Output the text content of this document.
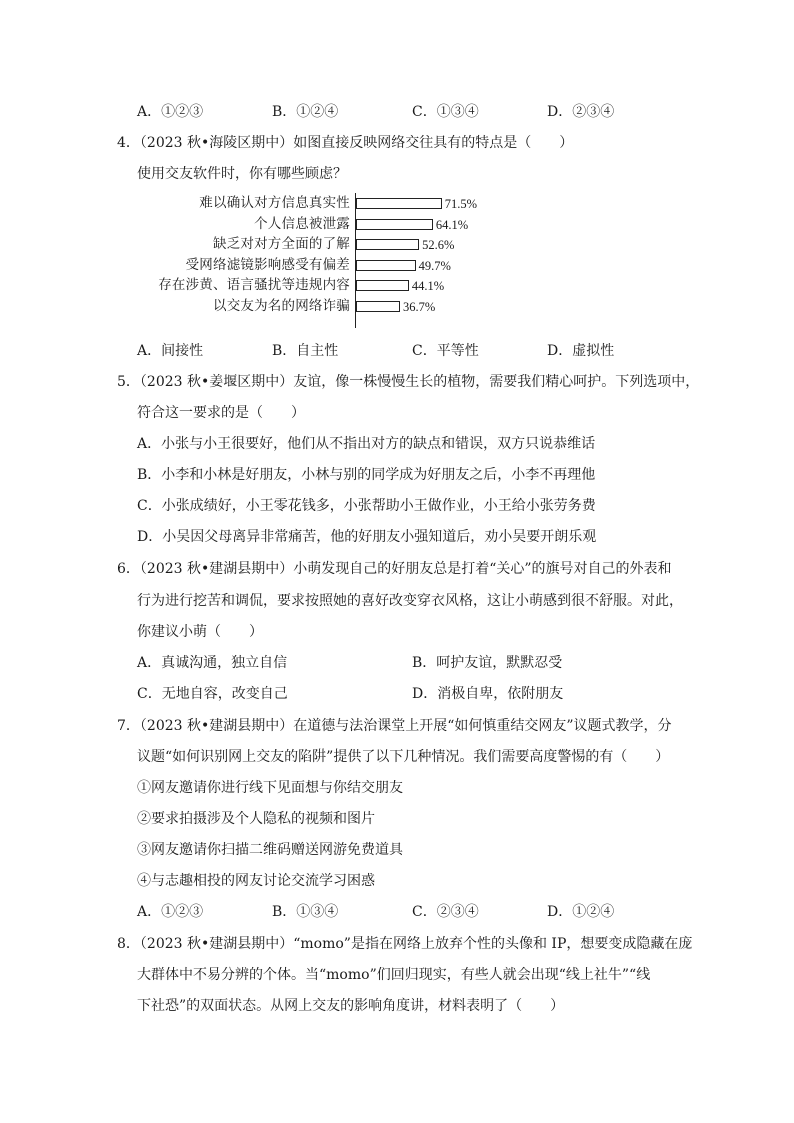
A．①②③	B．①②④	C．①③④	D．②③④
4．（2023 秋•海陵区期中）如图直接反映网络交往具有的特点是（　　）
使用交友软件时，你有哪些顾虑？
难以确认对方信息真实性	71.5%
个人信息被泄露	64.1%
缺乏对对方全面的了解	52.6%
受网络滤镜影响感受有偏差	49.7%
存在涉黄、语言骚扰等违规内容	44.1%
以交友为名的网络诈骗	36.7%
A．间接性	B．自主性	C．平等性	D．虚拟性
5．（2023 秋•姜堰区期中）友谊，像一株慢慢生长的植物，需要我们精心呵护。下列选项中，
符合这一要求的是（　　）
A．小张与小王很要好，他们从不指出对方的缺点和错误，双方只说恭维话
B．小李和小林是好朋友，小林与别的同学成为好朋友之后，小李不再理他
C．小张成绩好，小王零花钱多，小张帮助小王做作业，小王给小张劳务费
D．小吴因父母离异非常痛苦，他的好朋友小强知道后，劝小吴要开朗乐观
6．（2023 秋•建湖县期中）小萌发现自己的好朋友总是打着“关心”的旗号对自己的外表和
行为进行挖苦和调侃，要求按照她的喜好改变穿衣风格，这让小萌感到很不舒服。对此，
你建议小萌（　　）
A．真诚沟通，独立自信	B．呵护友谊，默默忍受
C．无地自容，改变自己	D．消极自卑，依附朋友
7．（2023 秋•建湖县期中）在道德与法治课堂上开展“如何慎重结交网友”议题式教学，分
议题“如何识别网上交友的陷阱”提供了以下几种情况。我们需要高度警惕的有（　　）
①网友邀请你进行线下见面想与你结交朋友
②要求拍摄涉及个人隐私的视频和图片
③网友邀请你扫描二维码赠送网游免费道具
④与志趣相投的网友讨论交流学习困惑
A．①②③	B．①③④	C．②③④	D．①②④
8．（2023 秋•建湖县期中）“momo”是指在网络上放弃个性的头像和 IP，想要变成隐藏在庞
大群体中不易分辨的个体。当“momo”们回归现实，有些人就会出现“线上社牛”“线
下社恐”的双面状态。从网上交友的影响角度讲，材料表明了（　　）
